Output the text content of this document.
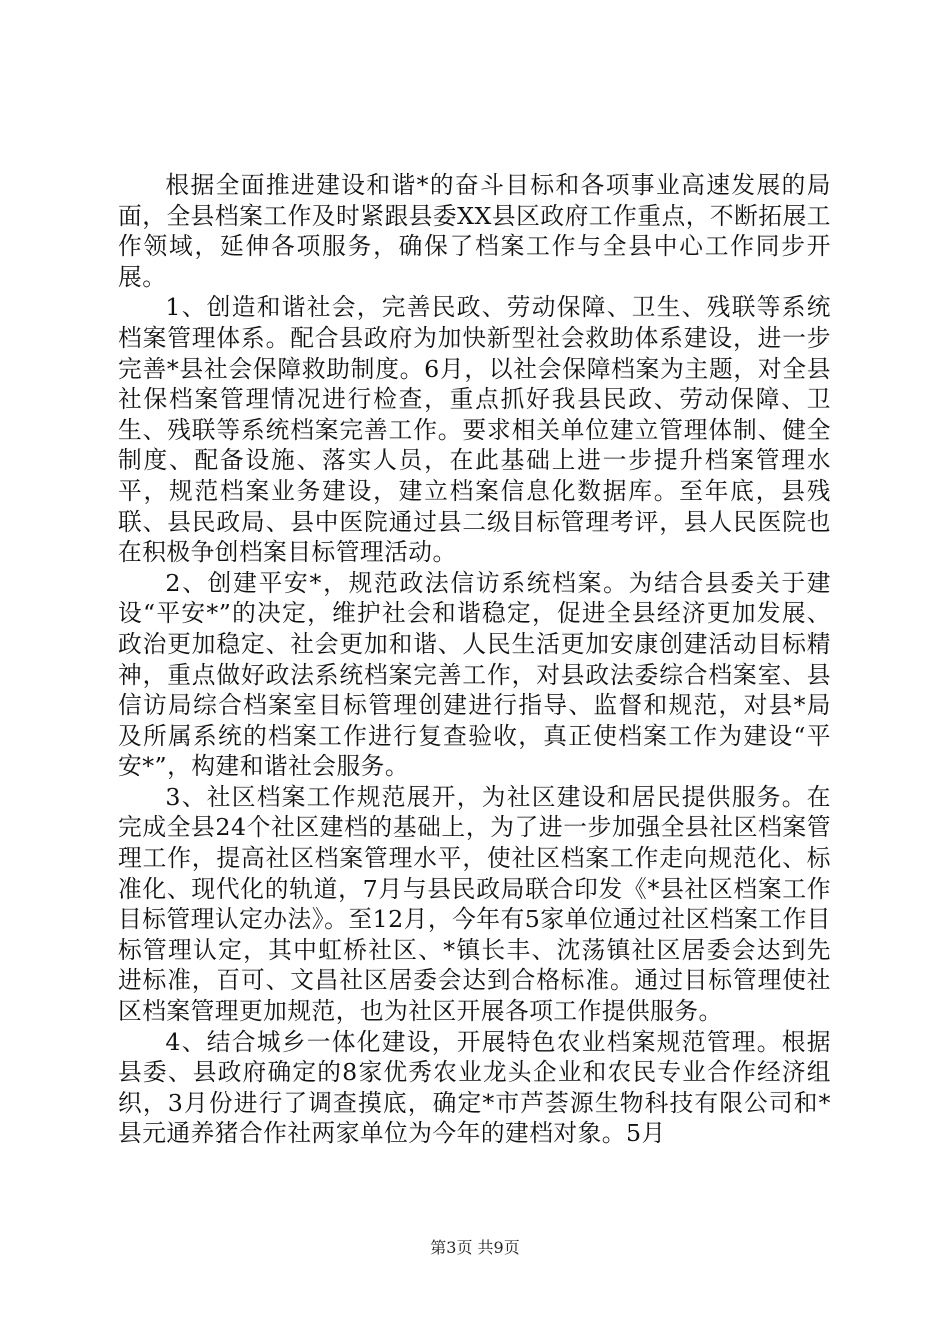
根据全面推进建设和谐*的奋斗目标和各项事业高速发展的局面，全县档案工作及时紧跟县委XX县区政府工作重点，不断拓展工作领域，延伸各项服务，确保了档案工作与全县中心工作同步开展。

1、创造和谐社会，完善民政、劳动保障、卫生、残联等系统档案管理体系。配合县政府为加快新型社会救助体系建设，进一步完善*县社会保障救助制度。6月，以社会保障档案为主题，对全县社保档案管理情况进行检查，重点抓好我县民政、劳动保障、卫生、残联等系统档案完善工作。要求相关单位建立管理体制、健全制度、配备设施、落实人员，在此基础上进一步提升档案管理水平，规范档案业务建设，建立档案信息化数据库。至年底，县残联、县民政局、县中医院通过县二级目标管理考评，县人民医院也在积极争创档案目标管理活动。

2、创建平安*，规范政法信访系统档案。为结合县委关于建设“平安*”的决定，维护社会和谐稳定，促进全县经济更加发展、政治更加稳定、社会更加和谐、人民生活更加安康创建活动目标精神，重点做好政法系统档案完善工作，对县政法委综合档案室、县信访局综合档案室目标管理创建进行指导、监督和规范，对县*局及所属系统的档案工作进行复查验收，真正使档案工作为建设“平安*”，构建和谐社会服务。

3、社区档案工作规范展开，为社区建设和居民提供服务。在完成全县24个社区建档的基础上，为了进一步加强全县社区档案管理工作，提高社区档案管理水平，使社区档案工作走向规范化、标准化、现代化的轨道，7月与县民政局联合印发《*县社区档案工作目标管理认定办法》。至12月，今年有5家单位通过社区档案工作目标管理认定，其中虹桥社区、*镇长丰、沈荡镇社区居委会达到先进标准，百可、文昌社区居委会达到合格标准。通过目标管理使社区档案管理更加规范，也为社区开展各项工作提供服务。

4、结合城乡一体化建设，开展特色农业档案规范管理。根据县委、县政府确定的8家优秀农业龙头企业和农民专业合作经济组织，3月份进行了调查摸底，确定*市芦荟源生物科技有限公司和*县元通养猪合作社两家单位为今年的建档对象。5月

第3页 共9页
